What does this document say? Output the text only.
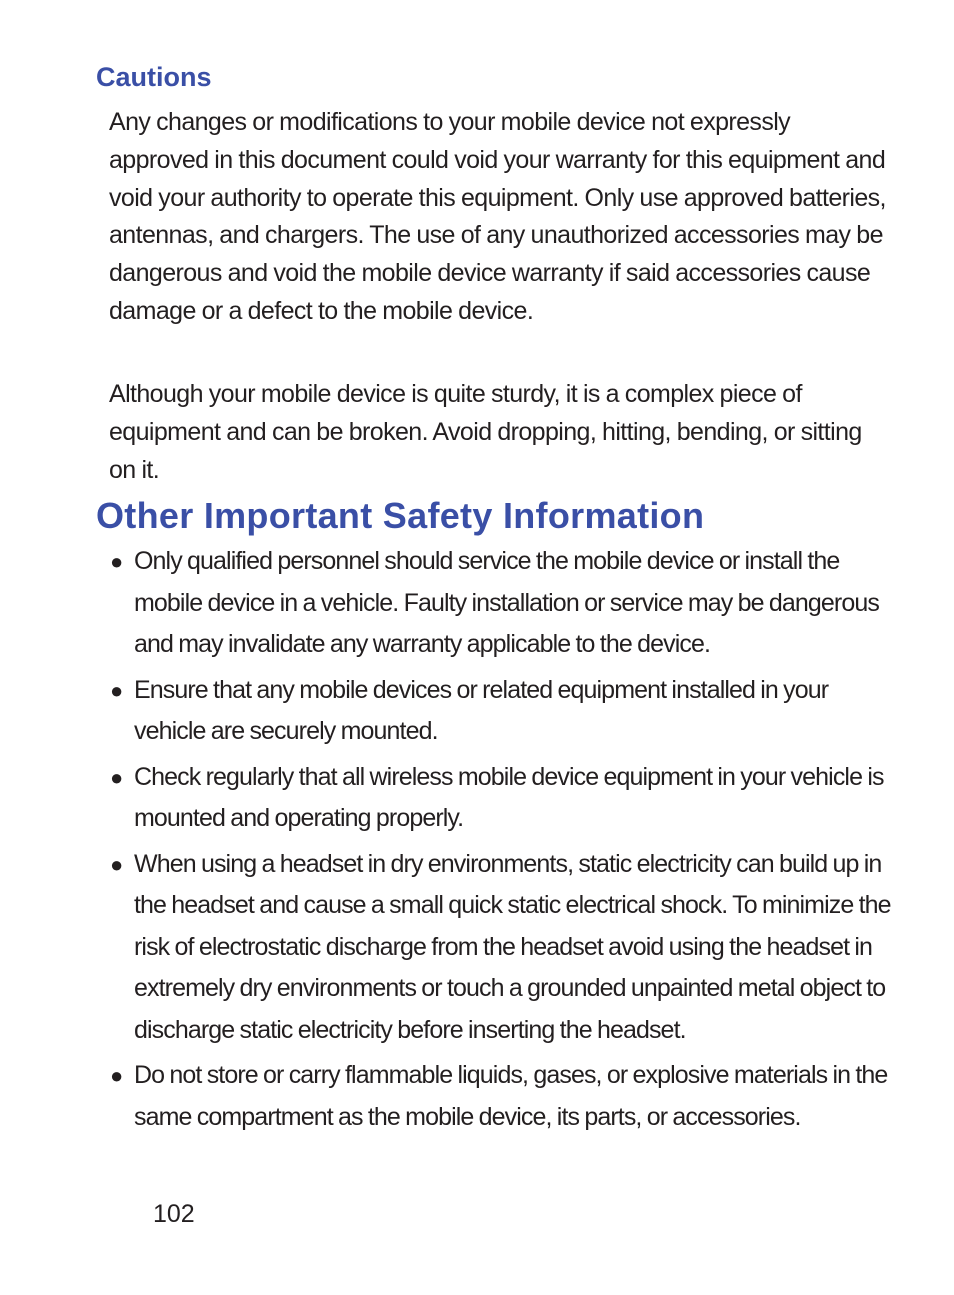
Cautions

Any changes or modifications to your mobile device not expressly approved in this document could void your warranty for this equipment and void your authority to operate this equipment. Only use approved batteries, antennas, and chargers. The use of any unauthorized accessories may be dangerous and void the mobile device warranty if said accessories cause damage or a defect to the mobile device.

Although your mobile device is quite sturdy, it is a complex piece of equipment and can be broken. Avoid dropping, hitting, bending, or sitting on it.

Other Important Safety Information
● Only qualified personnel should service the mobile device or install the mobile device in a vehicle. Faulty installation or service may be dangerous and may invalidate any warranty applicable to the device.
● Ensure that any mobile devices or related equipment installed in your vehicle are securely mounted.
● Check regularly that all wireless mobile device equipment in your vehicle is mounted and operating properly.
● When using a headset in dry environments, static electricity can build up in the headset and cause a small quick static electrical shock. To minimize the risk of electrostatic discharge from the headset avoid using the headset in extremely dry environments or touch a grounded unpainted metal object to discharge static electricity before inserting the headset.
● Do not store or carry flammable liquids, gases, or explosive materials in the same compartment as the mobile device, its parts, or accessories.

102
